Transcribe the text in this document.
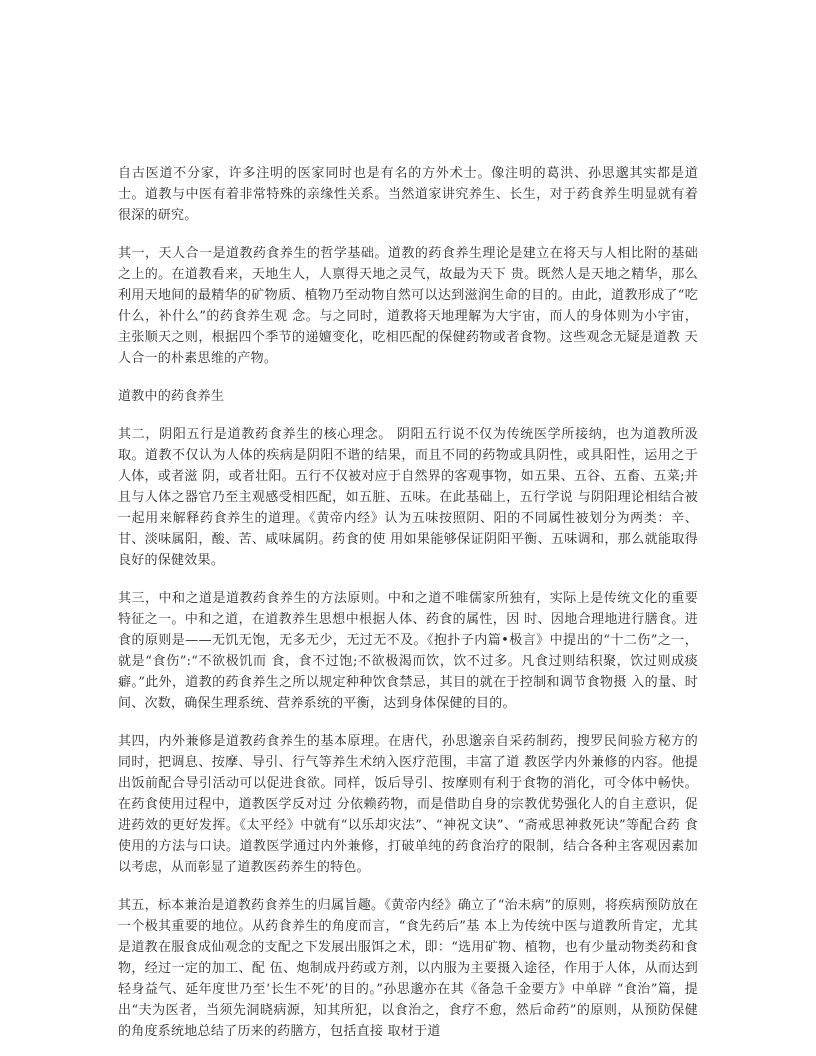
自古医道不分家，许多注明的医家同时也是有名的方外术士。像注明的葛洪、孙思邈其实都是道士。道教与中医有着非常特殊的亲缘性关系。当然道家讲究养生、长生，对于药食养生明显就有着很深的研究。

其一，天人合一是道教药食养生的哲学基础。道教的药食养生理论是建立在将天与人相比附的基础之上的。在道教看来，天地生人，人禀得天地之灵气，故最为天下 贵。既然人是天地之精华，那么利用天地间的最精华的矿物质、植物乃至动物自然可以达到滋润生命的目的。由此，道教形成了“吃什么，补什么”的药食养生观 念。与之同时，道教将天地理解为大宇宙，而人的身体则为小宇宙，主张顺天之则，根据四个季节的递嬗变化，吃相匹配的保健药物或者食物。这些观念无疑是道教 天人合一的朴素思维的产物。

道教中的药食养生

其二，阴阳五行是道教药食养生的核心理念。 阴阳五行说不仅为传统医学所接纳，也为道教所汲取。道教不仅认为人体的疾病是阴阳不谐的结果，而且不同的药物或具阴性，或具阳性，运用之于人体，或者滋 阴，或者壮阳。五行不仅被对应于自然界的客观事物，如五果、五谷、五畜、五菜;并且与人体之器官乃至主观感受相匹配，如五脏、五味。在此基础上，五行学说 与阴阳理论相结合被一起用来解释药食养生的道理。《黄帝内经》认为五味按照阴、阳的不同属性被划分为两类：辛、甘、淡味属阳，酸、苦、咸味属阴。药食的使 用如果能够保证阴阳平衡、五味调和，那么就能取得良好的保健效果。

其三，中和之道是道教药食养生的方法原则。中和之道不唯儒家所独有，实际上是传统文化的重要特征之一。中和之道，在道教养生思想中根据人体、药食的属性，因 时、因地合理地进行膳食。进食的原则是——无饥无饱，无多无少，无过无不及。《抱扑子内篇•极言》中提出的“十二伤”之一，就是“食伤”:“不欲极饥而 食，食不过饱;不欲极渴而饮，饮不过多。凡食过则结积聚，饮过则成痰癖。”此外，道教的药食养生之所以规定种种饮食禁忌，其目的就在于控制和调节食物摄 入的量、时间、次数，确保生理系统、营养系统的平衡，达到身体保健的目的。

其四，内外兼修是道教药食养生的基本原理。在唐代，孙思邈亲自采药制药，搜罗民间验方秘方的同时，把调息、按摩、导引、行气等养生术纳入医疗范围，丰富了道 教医学内外兼修的内容。他提出饭前配合导引活动可以促进食欲。同样，饭后导引、按摩则有利于食物的消化，可令体中畅快。在药食使用过程中，道教医学反对过 分依赖药物，而是借助自身的宗教优势强化人的自主意识，促进药效的更好发挥。《太平经》中就有“以乐却灾法”、“神祝文诀”、“斋戒思神救死诀”等配合药 食使用的方法与口诀。道教医学通过内外兼修，打破单纯的药食治疗的限制，结合各种主客观因素加以考虑，从而彰显了道教医药养生的特色。

其五，标本兼治是道教药食养生的归属旨趣。《黄帝内经》确立了“治未病”的原则，将疾病预防放在一个极其重要的地位。从药食养生的角度而言，“食先药后”基 本上为传统中医与道教所肯定，尤其是道教在服食成仙观念的支配之下发展出服饵之术，即：“选用矿物、植物，也有少量动物类药和食物，经过一定的加工、配 伍、炮制成丹药或方剂，以内服为主要摄入途径，作用于人体，从而达到轻身益气、延年度世乃至‘长生不死’的目的。”孙思邈亦在其《备急千金要方》中单辟 “食治”篇，提出“夫为医者，当须先洞晓病源，知其所犯，以食治之，食疗不愈，然后命药”的原则，从预防保健的角度系统地总结了历来的药膳方，包括直接 取材于道
